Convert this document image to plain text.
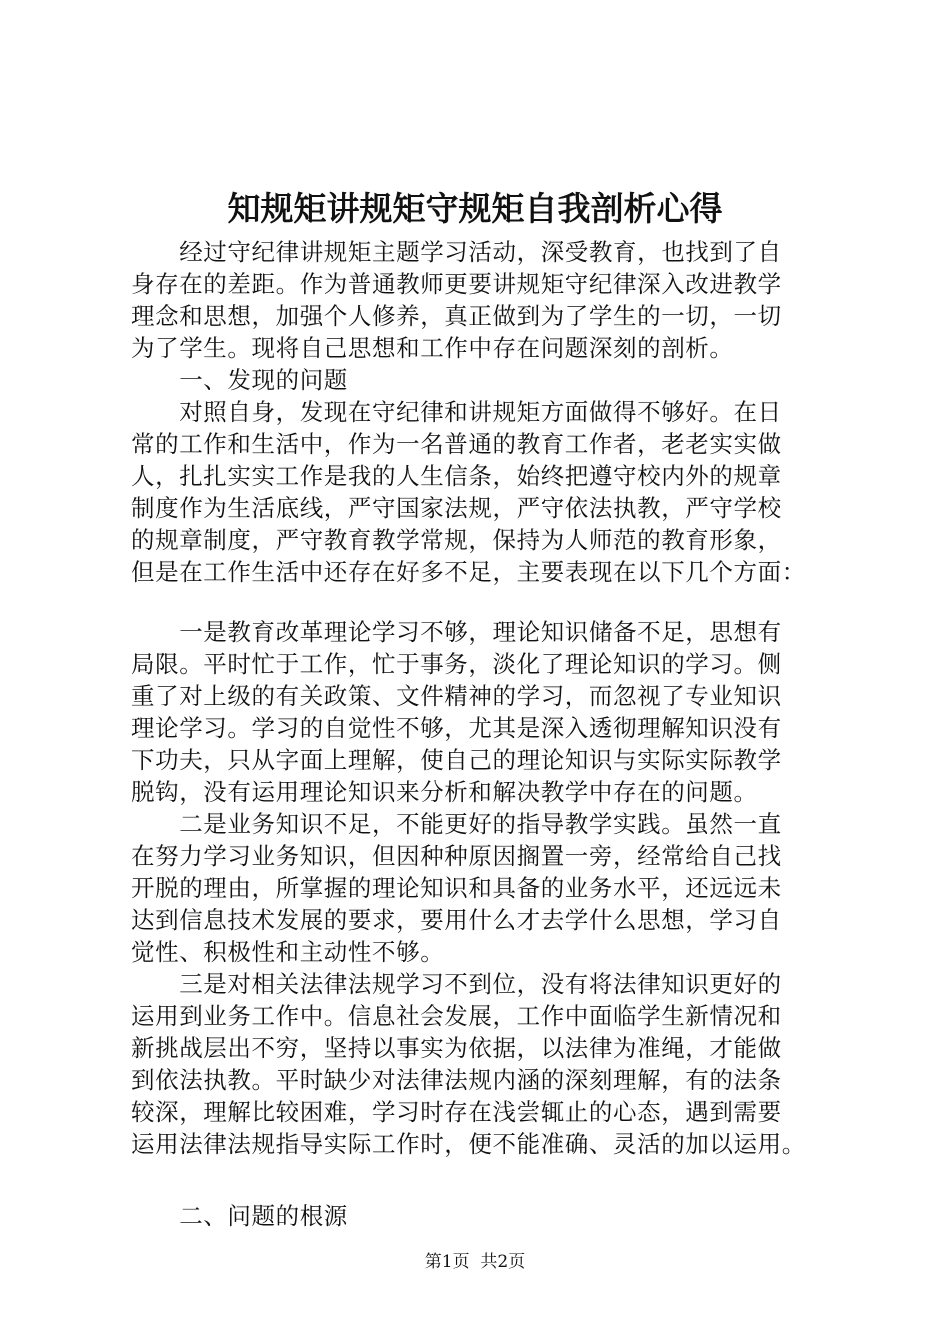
知规矩讲规矩守规矩自我剖析心得
　　经过守纪律讲规矩主题学习活动，深受教育，也找到了自
身存在的差距。作为普通教师更要讲规矩守纪律深入改进教学
理念和思想，加强个人修养，真正做到为了学生的一切，一切
为了学生。现将自己思想和工作中存在问题深刻的剖析。
　　一、发现的问题
　　对照自身，发现在守纪律和讲规矩方面做得不够好。在日
常的工作和生活中，作为一名普通的教育工作者，老老实实做
人，扎扎实实工作是我的人生信条，始终把遵守校内外的规章
制度作为生活底线，严守国家法规，严守依法执教，严守学校
的规章制度，严守教育教学常规，保持为人师范的教育形象，
但是在工作生活中还存在好多不足，主要表现在以下几个方面：
　　一是教育改革理论学习不够，理论知识储备不足，思想有
局限。平时忙于工作，忙于事务，淡化了理论知识的学习。侧
重了对上级的有关政策、文件精神的学习，而忽视了专业知识
理论学习。学习的自觉性不够，尤其是深入透彻理解知识没有
下功夫，只从字面上理解，使自己的理论知识与实际实际教学
脱钩，没有运用理论知识来分析和解决教学中存在的问题。
　　二是业务知识不足，不能更好的指导教学实践。虽然一直
在努力学习业务知识，但因种种原因搁置一旁，经常给自己找
开脱的理由，所掌握的理论知识和具备的业务水平，还远远未
达到信息技术发展的要求，要用什么才去学什么思想，学习自
觉性、积极性和主动性不够。
　　三是对相关法律法规学习不到位，没有将法律知识更好的
运用到业务工作中。信息社会发展，工作中面临学生新情况和
新挑战层出不穷，坚持以事实为依据，以法律为准绳，才能做
到依法执教。平时缺少对法律法规内涵的深刻理解，有的法条
较深，理解比较困难，学习时存在浅尝辄止的心态，遇到需要
运用法律法规指导实际工作时，便不能准确、灵活的加以运用。
　　二、问题的根源
第1页 共2页
